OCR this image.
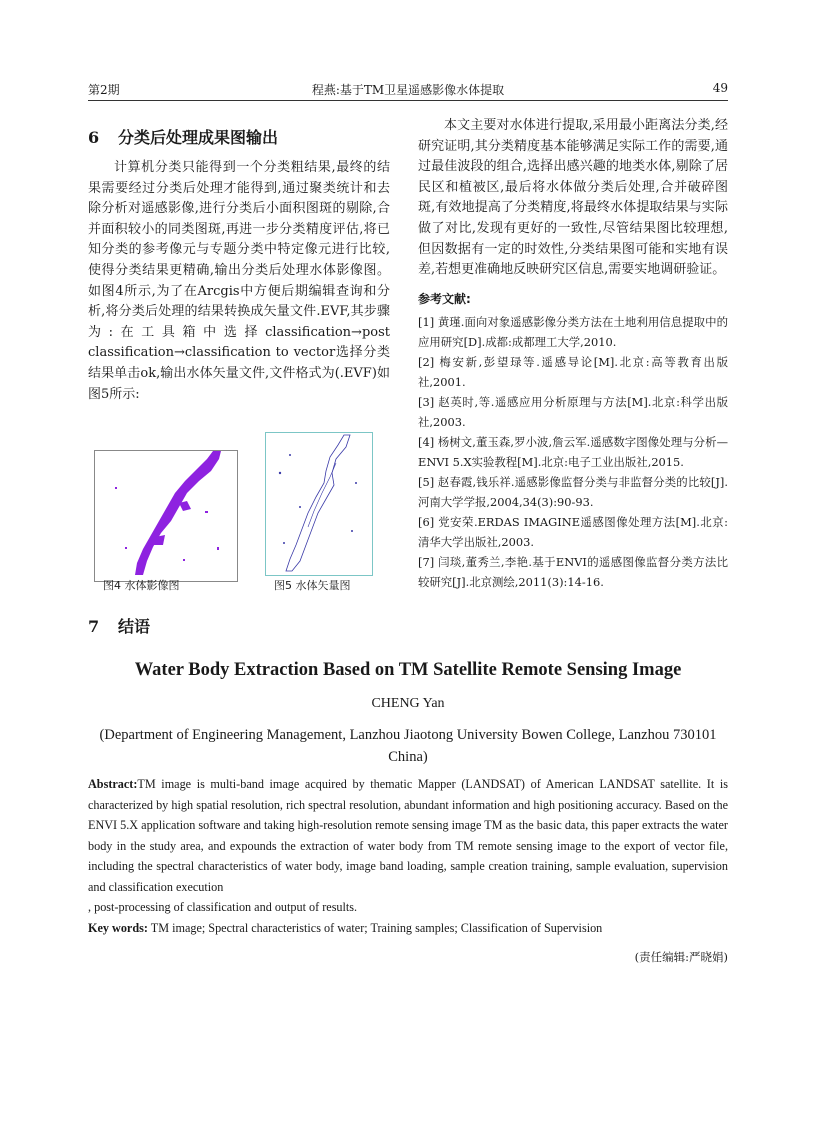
第2期	程燕:基于TM卫星遥感影像水体提取	49
6 分类后处理成果图输出

计算机分类只能得到一个分类粗结果,最终的结果需要经过分类后处理才能得到,通过聚类统计和去除分析对遥感影像,进行分类后小面积图斑的剔除,合并面积较小的同类图斑,再进一步分类精度评估,将已知分类的参考像元与专题分类中特定像元进行比较,使得分类结果更精确,输出分类后处理水体影像图。如图4所示,为了在Arcgis中方便后期编辑查询和分析,将分类后处理的结果转换成矢量文件.EVF,其步骤为:在工具箱中选择classification→post classification→classification to vector选择分类结果单击ok,输出水体矢量文件,文件格式为(.EVF)如图5所示:

图4 水体影像图	图5 水体矢量图
7 结语

本文主要对水体进行提取,采用最小距离法分类,经研究证明,其分类精度基本能够满足实际工作的需要,通过最佳波段的组合,选择出感兴趣的地类水体,剔除了居民区和植被区,最后将水体做分类后处理,合并破碎图斑,有效地提高了分类精度,将最终水体提取结果与实际做了对比,发现有更好的一致性,尽管结果图比较理想,但因数据有一定的时效性,分类结果图可能和实地有误差,若想更准确地反映研究区信息,需要实地调研验证。

参考文献:

[1] 黄瑾.面向对象遥感影像分类方法在土地利用信息提取中的应用研究[D].成都:成都理工大学,2010.

[2] 梅安新,彭望琭等.遥感导论[M].北京:高等教育出版社,2001.

[3] 赵英时,等.遥感应用分析原理与方法[M].北京:科学出版社,2003.

[4] 杨树文,董玉森,罗小波,詹云军.遥感数字图像处理与分析—ENVI 5.X实验教程[M].北京:电子工业出版社,2015.

[5] 赵春霞,钱乐祥.遥感影像监督分类与非监督分类的比较[J].河南大学学报,2004,34(3):90-93.

[6] 党安荣.ERDAS IMAGINE遥感图像处理方法[M].北京:清华大学出版社,2003.

[7] 闫琰,董秀兰,李艳.基于ENVI的遥感图像监督分类方法比较研究[J].北京测绘,2011(3):14-16.

Water Body Extraction Based on TM Satellite Remote Sensing Image
CHENG Yan
(Department of Engineering Management, Lanzhou Jiaotong University Bowen College, Lanzhou 730101 China)
Abstract:TM image is multi-band image acquired by thematic Mapper (LANDSAT) of American LANDSAT satellite. It is characterized by high spatial resolution, rich spectral resolution, abundant information and high positioning accuracy. Based on the ENVI 5.X application software and taking high-resolution remote sensing image TM as the basic data, this paper extracts the water body in the study area, and expounds the extraction of water body from TM remote sensing image to the export of vector file, including the spectral characteristics of water body, image band loading, sample creation training, sample evaluation, supervision and classification execution
, post-processing of classification and output of results.
Key words: TM image; Spectral characteristics of water; Training samples; Classification of Supervision
(责任编辑:严晓娟)
